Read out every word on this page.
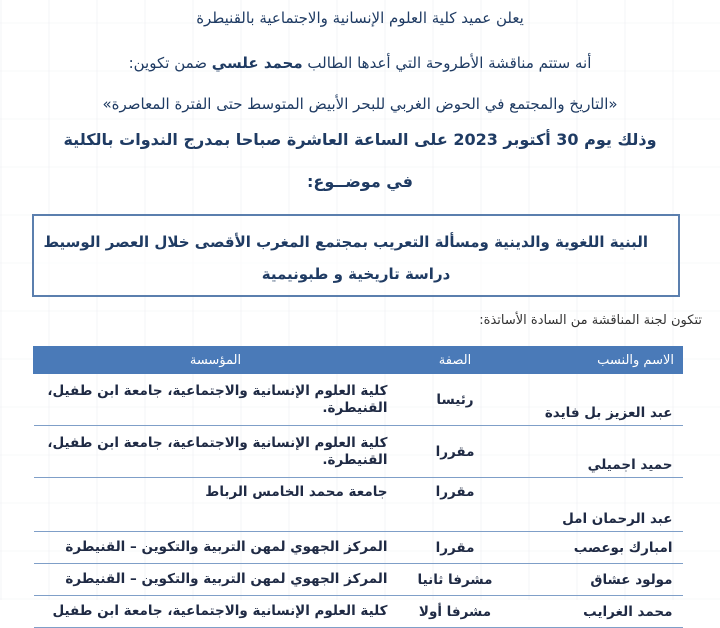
يعلن عميد كلية العلوم الإنسانية والاجتماعية بالقنيطرة
أنه ستتم مناقشة الأطروحة التي أعدها الطالب محمد علسي ضمن تكوين:
«التاريخ والمجتمع في الحوض الغربي للبحر الأبيض المتوسط حتى الفترة المعاصرة»
وذلك يوم 30 أكتوبر 2023 على الساعة العاشرة صباحا بمدرج الندوات بالكلية
في موضــوع:
البنية اللغوية والدينية ومسألة التعريب بمجتمع المغرب الأقصى خلال العصر الوسيط
دراسة تاريخية و طبونيمية
تتكون لجنة المناقشة من السادة الأساتذة:
الاسم والنسب	الصفة	المؤسسة
عبد العزيز بل فايدة	رئيسا	كلية العلوم الإنسانية والاجتماعية، جامعة ابن طفيل، القنيطرة.
حميد اجميلي	مقررا	كلية العلوم الإنسانية والاجتماعية، جامعة ابن طفيل، القنيطرة.
عبد الرحمان امل	مقررا	جامعة محمد الخامس الرباط
امبارك بوعصب	مقررا	المركز الجهوي لمهن التربية والتكوين – القنيطرة
مولود عشاق	مشرفا ثانيا	المركز الجهوي لمهن التربية والتكوين – القنيطرة
محمد الغرايب	مشرفا أولا	كلية العلوم الإنسانية والاجتماعية، جامعة ابن طفيل
